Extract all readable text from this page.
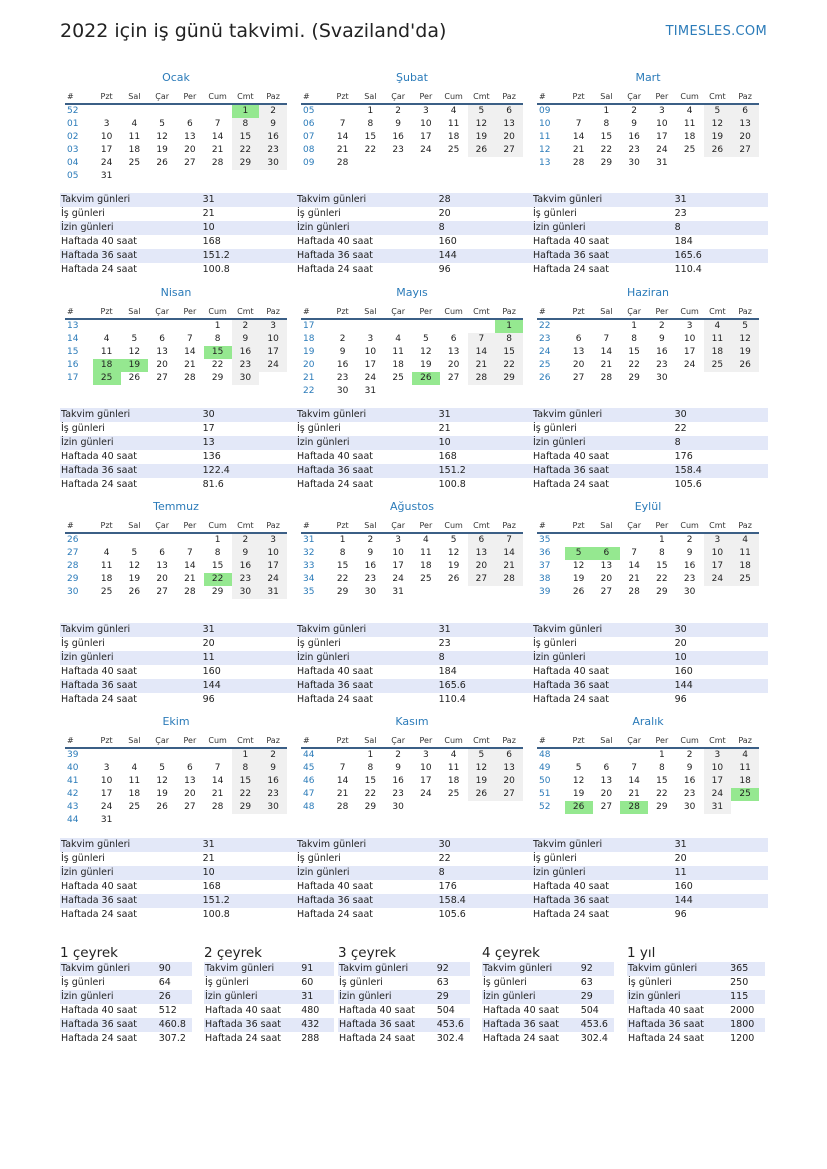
2022 için iş günü takvimi. (Svaziland'da)	TIMESLES.COM
Ocak
#	Pzt	Sal	Çar	Per	Cum	Cmt	Paz
52						1	2
01	3	4	5	6	7	8	9
02	10	11	12	13	14	15	16
03	17	18	19	20	21	22	23
04	24	25	26	27	28	29	30
05	31						
Takvim günleri	31
İş günleri	21
İzin günleri	10
Haftada 40 saat	168
Haftada 36 saat	151.2
Haftada 24 saat	100.8
Şubat
#	Pzt	Sal	Çar	Per	Cum	Cmt	Paz
05		1	2	3	4	5	6
06	7	8	9	10	11	12	13
07	14	15	16	17	18	19	20
08	21	22	23	24	25	26	27
09	28						
Takvim günleri	28
İş günleri	20
İzin günleri	8
Haftada 40 saat	160
Haftada 36 saat	144
Haftada 24 saat	96
Mart
#	Pzt	Sal	Çar	Per	Cum	Cmt	Paz
09		1	2	3	4	5	6
10	7	8	9	10	11	12	13
11	14	15	16	17	18	19	20
12	21	22	23	24	25	26	27
13	28	29	30	31			
Takvim günleri	31
İş günleri	23
İzin günleri	8
Haftada 40 saat	184
Haftada 36 saat	165.6
Haftada 24 saat	110.4
Nisan
#	Pzt	Sal	Çar	Per	Cum	Cmt	Paz
13					1	2	3
14	4	5	6	7	8	9	10
15	11	12	13	14	15	16	17
16	18	19	20	21	22	23	24
17	25	26	27	28	29	30	
Takvim günleri	30
İş günleri	17
İzin günleri	13
Haftada 40 saat	136
Haftada 36 saat	122.4
Haftada 24 saat	81.6
Mayıs
#	Pzt	Sal	Çar	Per	Cum	Cmt	Paz
17							1
18	2	3	4	5	6	7	8
19	9	10	11	12	13	14	15
20	16	17	18	19	20	21	22
21	23	24	25	26	27	28	29
22	30	31					
Takvim günleri	31
İş günleri	21
İzin günleri	10
Haftada 40 saat	168
Haftada 36 saat	151.2
Haftada 24 saat	100.8
Haziran
#	Pzt	Sal	Çar	Per	Cum	Cmt	Paz
22			1	2	3	4	5
23	6	7	8	9	10	11	12
24	13	14	15	16	17	18	19
25	20	21	22	23	24	25	26
26	27	28	29	30			
Takvim günleri	30
İş günleri	22
İzin günleri	8
Haftada 40 saat	176
Haftada 36 saat	158.4
Haftada 24 saat	105.6
Temmuz
#	Pzt	Sal	Çar	Per	Cum	Cmt	Paz
26					1	2	3
27	4	5	6	7	8	9	10
28	11	12	13	14	15	16	17
29	18	19	20	21	22	23	24
30	25	26	27	28	29	30	31
Takvim günleri	31
İş günleri	20
İzin günleri	11
Haftada 40 saat	160
Haftada 36 saat	144
Haftada 24 saat	96
Ağustos
#	Pzt	Sal	Çar	Per	Cum	Cmt	Paz
31	1	2	3	4	5	6	7
32	8	9	10	11	12	13	14
33	15	16	17	18	19	20	21
34	22	23	24	25	26	27	28
35	29	30	31				
Takvim günleri	31
İş günleri	23
İzin günleri	8
Haftada 40 saat	184
Haftada 36 saat	165.6
Haftada 24 saat	110.4
Eylül
#	Pzt	Sal	Çar	Per	Cum	Cmt	Paz
35				1	2	3	4
36	5	6	7	8	9	10	11
37	12	13	14	15	16	17	18
38	19	20	21	22	23	24	25
39	26	27	28	29	30		
Takvim günleri	30
İş günleri	20
İzin günleri	10
Haftada 40 saat	160
Haftada 36 saat	144
Haftada 24 saat	96
Ekim
#	Pzt	Sal	Çar	Per	Cum	Cmt	Paz
39						1	2
40	3	4	5	6	7	8	9
41	10	11	12	13	14	15	16
42	17	18	19	20	21	22	23
43	24	25	26	27	28	29	30
44	31						
Takvim günleri	31
İş günleri	21
İzin günleri	10
Haftada 40 saat	168
Haftada 36 saat	151.2
Haftada 24 saat	100.8
Kasım
#	Pzt	Sal	Çar	Per	Cum	Cmt	Paz
44		1	2	3	4	5	6
45	7	8	9	10	11	12	13
46	14	15	16	17	18	19	20
47	21	22	23	24	25	26	27
48	28	29	30				
Takvim günleri	30
İş günleri	22
İzin günleri	8
Haftada 40 saat	176
Haftada 36 saat	158.4
Haftada 24 saat	105.6
Aralık
#	Pzt	Sal	Çar	Per	Cum	Cmt	Paz
48				1	2	3	4
49	5	6	7	8	9	10	11
50	12	13	14	15	16	17	18
51	19	20	21	22	23	24	25
52	26	27	28	29	30	31	
Takvim günleri	31
İş günleri	20
İzin günleri	11
Haftada 40 saat	160
Haftada 36 saat	144
Haftada 24 saat	96
1 çeyrek
Takvim günleri	90
İş günleri	64
İzin günleri	26
Haftada 40 saat	512
Haftada 36 saat	460.8
Haftada 24 saat	307.2
2 çeyrek
Takvim günleri	91
İş günleri	60
İzin günleri	31
Haftada 40 saat	480
Haftada 36 saat	432
Haftada 24 saat	288
3 çeyrek
Takvim günleri	92
İş günleri	63
İzin günleri	29
Haftada 40 saat	504
Haftada 36 saat	453.6
Haftada 24 saat	302.4
4 çeyrek
Takvim günleri	92
İş günleri	63
İzin günleri	29
Haftada 40 saat	504
Haftada 36 saat	453.6
Haftada 24 saat	302.4
1 yıl
Takvim günleri	365
İş günleri	250
İzin günleri	115
Haftada 40 saat	2000
Haftada 36 saat	1800
Haftada 24 saat	1200
